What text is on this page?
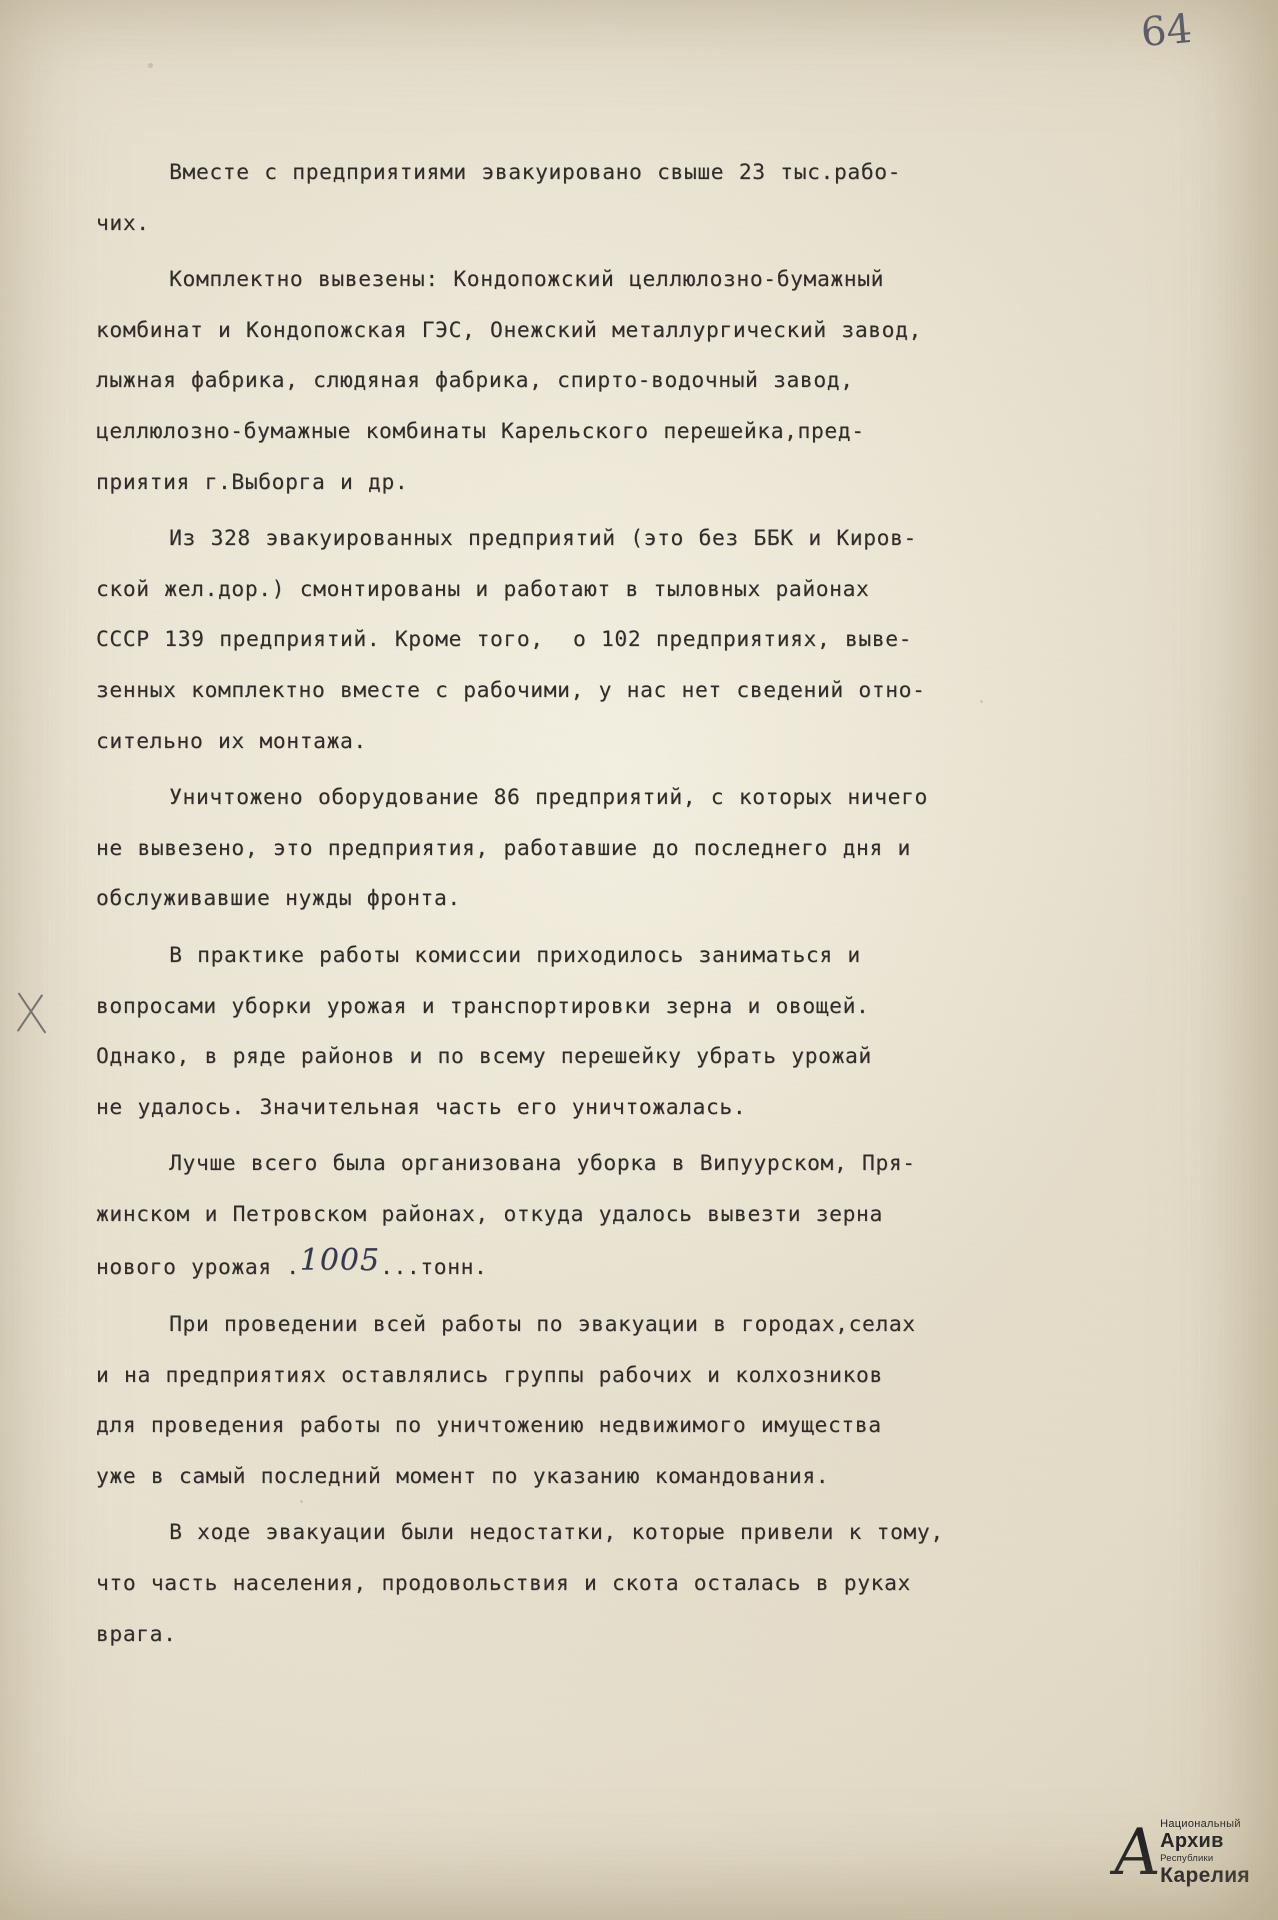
64

Вместе с предприятиями эвакуировано свыше 23 тыс.рабо-
чих.

Комплектно вывезены: Кондопожский целлюлозно-бумажный
комбинат и Кондопожская ГЭС, Онежский металлургический завод,
лыжная фабрика, слюдяная фабрика, спирто-водочный завод,
целлюлозно-бумажные комбинаты Карельского перешейка,пред-
приятия г.Выборга и др.

Из 328 эвакуированных предприятий (это без ББК и Киров-
ской жел.дор.) смонтированы и работают в тыловных районах
СССР 139 предприятий. Кроме того,  о 102 предприятиях, выве-
зенных комплектно вместе с рабочими, у нас нет сведений отно-
сительно их монтажа.

Уничтожено оборудование 86 предприятий, с которых ничего
не вывезено, это предприятия, работавшие до последнего дня и
обслуживавшие нужды фронта.

В практике работы комиссии приходилось заниматься и
вопросами уборки урожая и транспортировки зерна и овощей.
Однако, в ряде районов и по всему перешейку убрать урожай
не удалось. Значительная часть его уничтожалась.

Лучше всего была организована уборка в Випуурском, Пря-
жинском и Петровском районах, откуда удалось вывезти зерна
нового урожая .1005...тонн.

При проведении всей работы по эвакуации в городах,селах
и на предприятиях оставлялись группы рабочих и колхозников
для проведения работы по уничтожению недвижимого имущества
уже в самый последний момент по указанию командования.

В ходе эвакуации были недостатки, которые привели к тому,
что часть населения, продовольствия и скота осталась в руках
врага.

А
Национальный
Архив
Республики
Карелия
